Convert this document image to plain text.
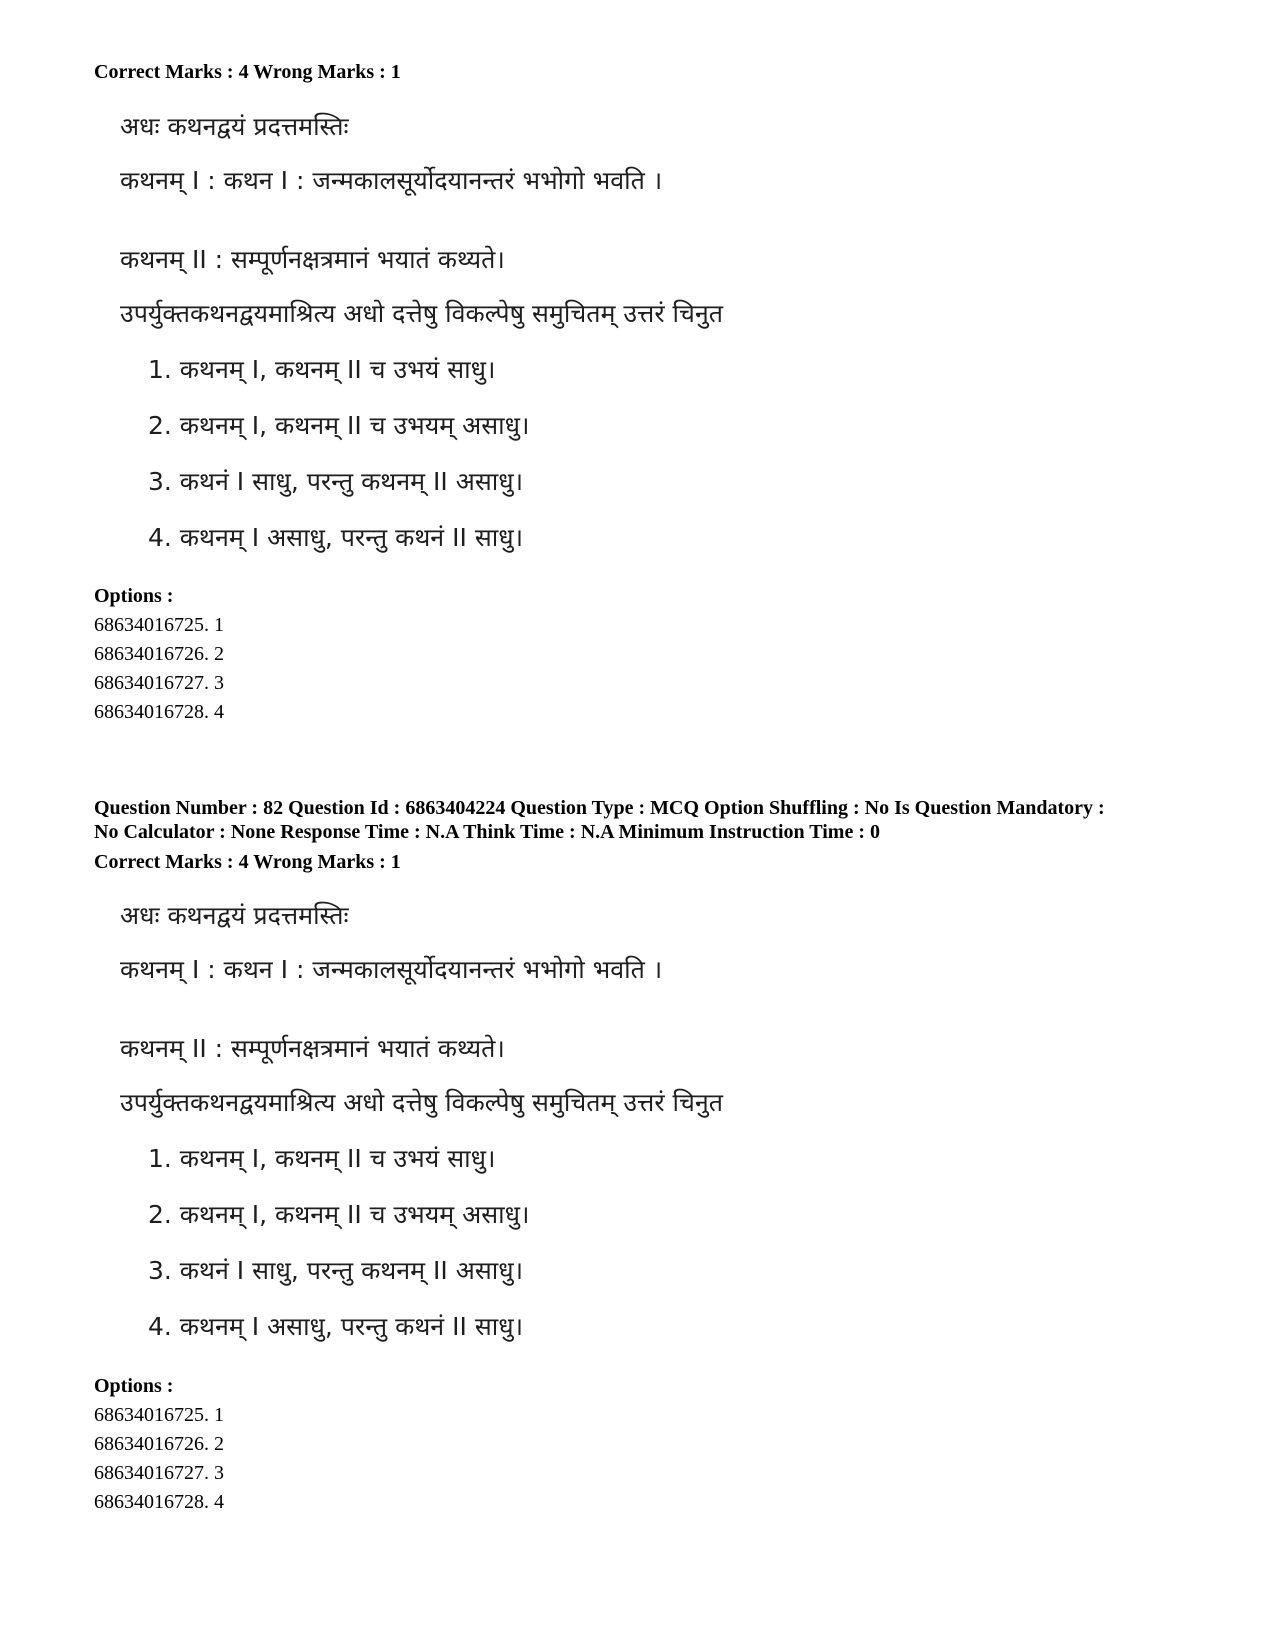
Correct Marks : 4 Wrong Marks : 1
अधः कथनद्वयं प्रदत्तमस्तिः
कथनम् I : कथन I : जन्मकालसूर्योदयानन्तरं भभोगो भवति ।
कथनम् II : सम्पूर्णनक्षत्रमानं भयातं कथ्यते।
उपर्युक्तकथनद्वयमाश्रित्य अधो दत्तेषु विकल्पेषु समुचितम् उत्तरं चिनुत
1. कथनम् I, कथनम् II च उभयं साधु।
2. कथनम् I, कथनम् II च उभयम् असाधु।
3. कथनं I साधु, परन्तु कथनम् II असाधु।
4. कथनम् I असाधु, परन्तु कथनं II साधु।
Options :
68634016725. 1
68634016726. 2
68634016727. 3
68634016728. 4
Question Number : 82 Question Id : 6863404224 Question Type : MCQ Option Shuffling : No Is Question Mandatory :
No Calculator : None Response Time : N.A Think Time : N.A Minimum Instruction Time : 0
Correct Marks : 4 Wrong Marks : 1
अधः कथनद्वयं प्रदत्तमस्तिः
कथनम् I : कथन I : जन्मकालसूर्योदयानन्तरं भभोगो भवति ।
कथनम् II : सम्पूर्णनक्षत्रमानं भयातं कथ्यते।
उपर्युक्तकथनद्वयमाश्रित्य अधो दत्तेषु विकल्पेषु समुचितम् उत्तरं चिनुत
1. कथनम् I, कथनम् II च उभयं साधु।
2. कथनम् I, कथनम् II च उभयम् असाधु।
3. कथनं I साधु, परन्तु कथनम् II असाधु।
4. कथनम् I असाधु, परन्तु कथनं II साधु।
Options :
68634016725. 1
68634016726. 2
68634016727. 3
68634016728. 4
